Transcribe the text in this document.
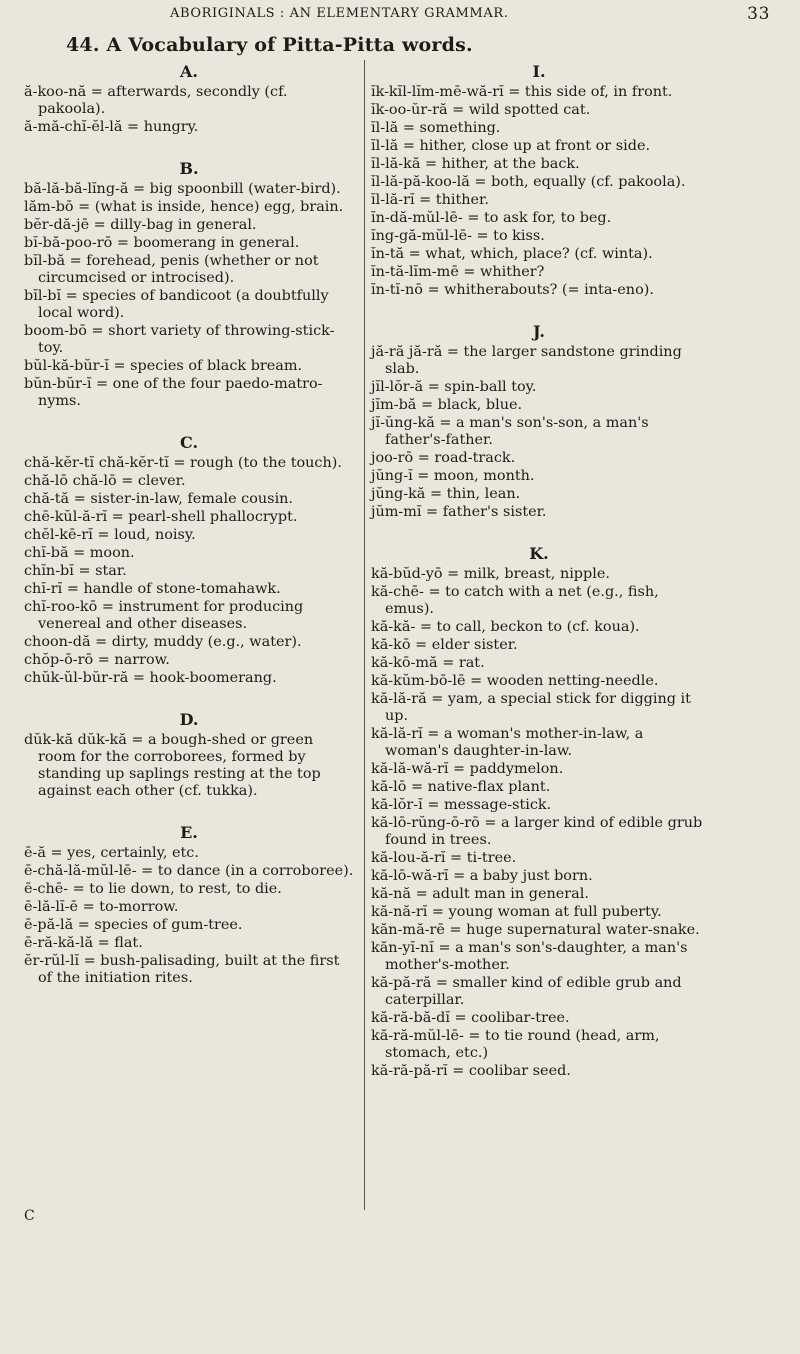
ABORIGINALS : AN ELEMENTARY GRAMMAR.	33
44. A Vocabulary of Pitta-Pitta words.
A.

ă-koo-nă = afterwards, secondly (cf. pakoola).

ă-mă-chĭ-ĕl-lă = hungry.

B.

bă-lă-bă-lĭng-ă = big spoonbill (water-bird).

lăm-bō = (what is inside, hence) egg, brain.

bĕr-dă-jē = dilly-bag in general.

bĭ-bă-poo-rō = boomerang in general.

bĭl-bă = forehead, penis (whether or not circumcised or introcised).

bĭl-bĭ = species of bandicoot (a doubtfully local word).

boom-bō = short variety of throwing-stick-toy.

bŭl-kă-bŭr-ĭ = species of black bream.

bŭn-bŭr-ĭ = one of the four paedo-matro-nyms.

C.

chă-kĕr-tĭ chă-kĕr-tĭ = rough (to the touch).

chă-lō chă-lō = clever.

chă-tă = sister-in-law, female cousin.

chē-kŭl-ă-rĭ = pearl-shell phallocrypt.

chĕl-kē-rĭ = loud, noisy.

chĭ-bă = moon.

chĭn-bĭ = star.

chĭ-rĭ = handle of stone-tomahawk.

chĭ-roo-kō = instrument for producing venereal and other diseases.

choon-dă = dirty, muddy (e.g., water).

chŏp-ō-rō = narrow.

chŭk-ŭl-bŭr-ră = hook-boomerang.

D.

dŭk-kă dŭk-kă = a bough-shed or green room for the corroborees, formed by standing up saplings resting at the top against each other (cf. tukka).

E.

ē-ă = yes, certainly, etc.

ē-chă-lă-mŭl-lē- = to dance (in a corroboree).

ē-chē- = to lie down, to rest, to die.

ē-lă-lĭ-ē = to-morrow.

ē-pă-lă = species of gum-tree.

ē-ră-kă-lă = flat.

ĕr-rŭl-lĭ = bush-palisading, built at the first of the initiation rites.

I.

ĭk-kĭl-lĭm-mē-wă-rĭ = this side of, in front.

ĭk-oo-ŭr-ră = wild spotted cat.

ĭl-lă = something.

ĭl-lă = hither, close up at front or side.

ĭl-lă-kă = hither, at the back.

ĭl-lă-pă-koo-lă = both, equally (cf. pakoola).

ĭl-lă-rĭ = thither.

ĭn-dă-mŭl-lē- = to ask for, to beg.

ĭng-gă-mŭl-lē- = to kiss.

ĭn-tă = what, which, place? (cf. winta).

ĭn-tă-lĭm-mē = whither?

ĭn-tĭ-nō = whitherabouts? (= inta-eno).

J.

jă-ră jă-ră = the larger sandstone grinding slab.

jĭl-lŏr-ă = spin-ball toy.

jĭm-bă = black, blue.

jĭ-ŭng-kă = a man's son's-son, a man's father's-father.

joo-rō = road-track.

jŭng-ĭ = moon, month.

jŭng-kă = thin, lean.

jŭm-mĭ = father's sister.

K.

kă-bŭd-yō = milk, breast, nipple.

kă-chē- = to catch with a net (e.g., fish, emus).

kă-kă- = to call, beckon to (cf. koua).

kă-kō = elder sister.

kă-kō-mă = rat.

kă-kŭm-bō-lē = wooden netting-needle.

kă-lă-ră = yam, a special stick for digging it up.

kă-lă-rĭ = a woman's mother-in-law, a woman's daughter-in-law.

kă-lă-wă-rĭ = paddymelon.

kă-lō = native-flax plant.

kă-lŏr-ĭ = message-stick.

kă-lō-rŭng-ō-rō = a larger kind of edible grub found in trees.

kă-lou-ă-rĭ = ti-tree.

kă-lō-wă-rĭ = a baby just born.

kă-nă = adult man in general.

kă-nă-rĭ = young woman at full puberty.

kăn-mă-rē = huge supernatural water-snake.

kăn-yĭ-nĭ = a man's son's-daughter, a man's mother's-mother.

kă-pă-ră = smaller kind of edible grub and caterpillar.

kă-ră-bă-dĭ = coolibar-tree.

kă-ră-mŭl-lē- = to tie round (head, arm, stomach, etc.)

kă-ră-pă-rĭ = coolibar seed.

C
